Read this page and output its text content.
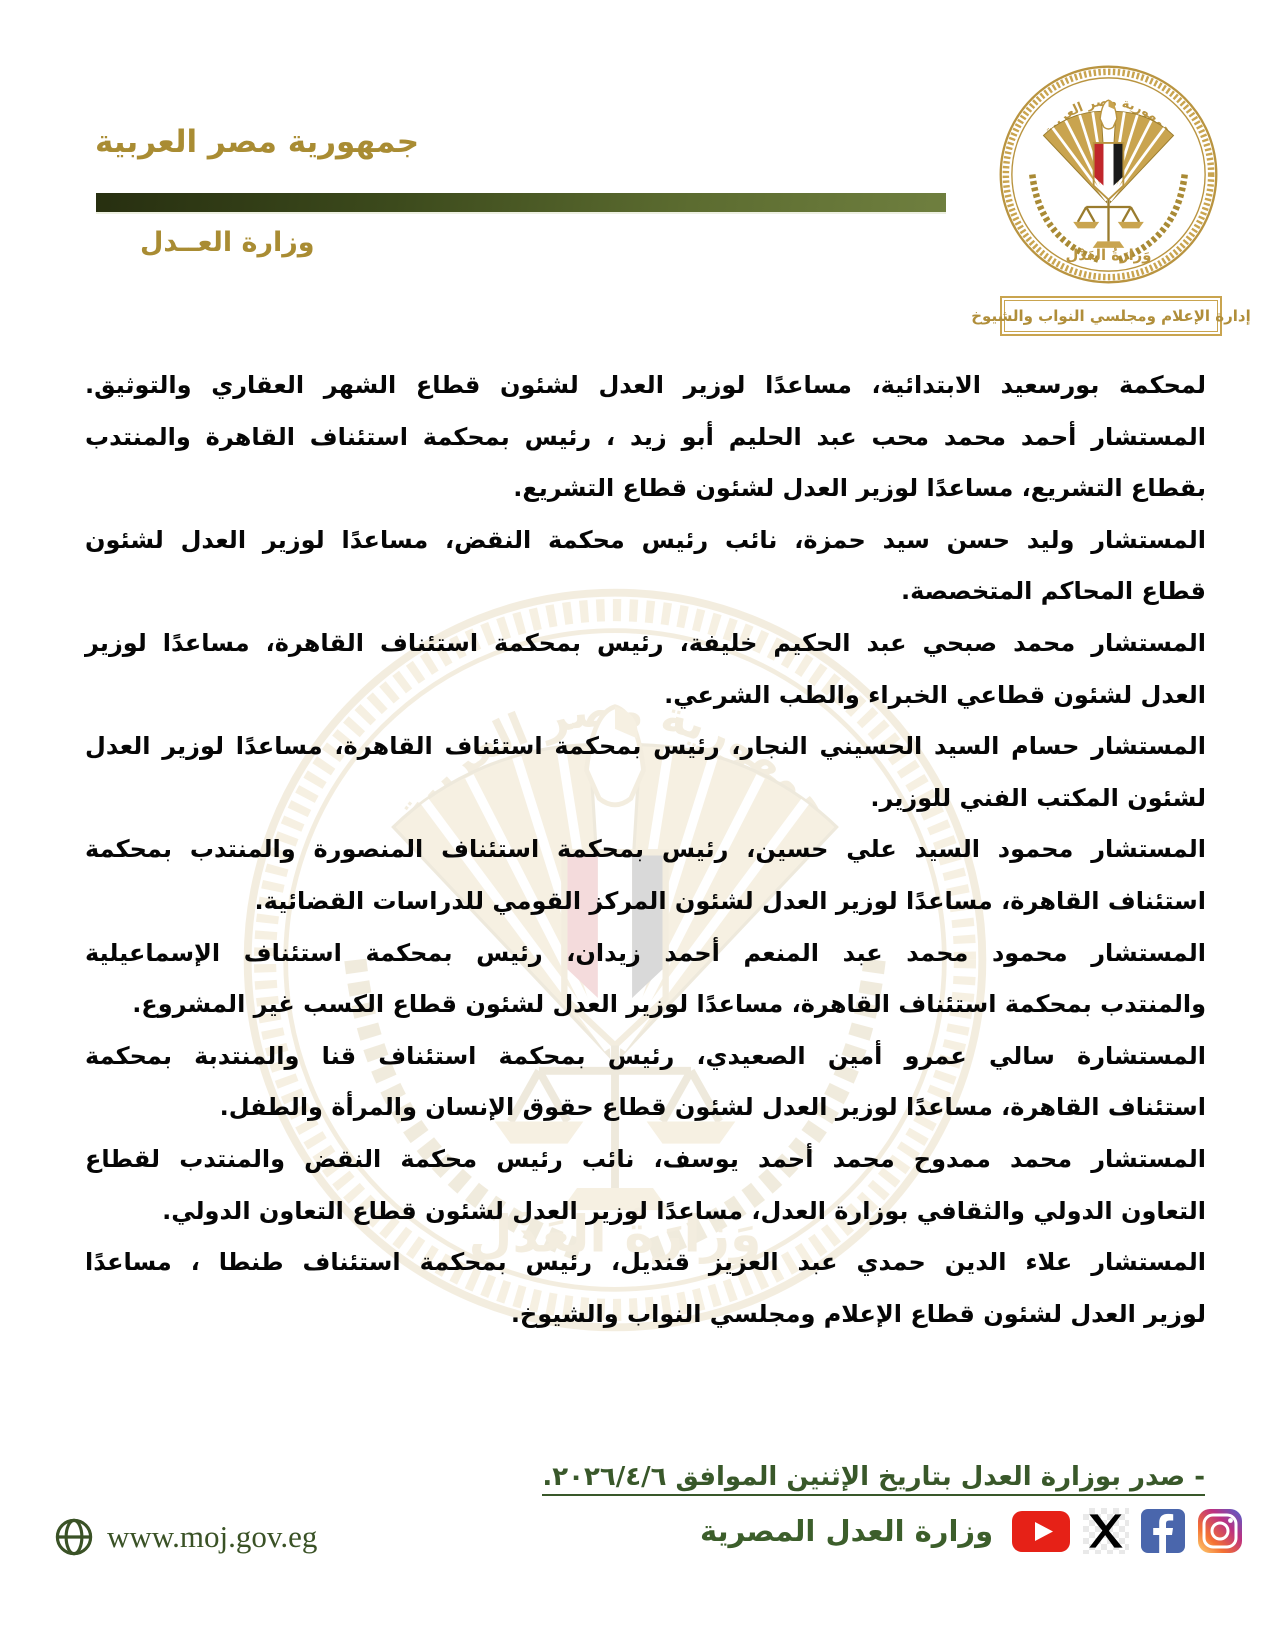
جمهورية مصر العربية
وزارة العــدل
إدارة الإعلام ومجلسي النواب والشيوخ
لمحكمة بورسعيد الابتدائية، مساعدًا لوزير العدل لشئون قطاع الشهر العقاري والتوثيق.
المستشار أحمد محمد محب عبد الحليم أبو زيد ، رئيس بمحكمة استئناف القاهرة والمنتدب
بقطاع التشريع، مساعدًا لوزير العدل لشئون قطاع التشريع.
المستشار وليد حسن سيد حمزة، نائب رئيس محكمة النقض، مساعدًا لوزير العدل لشئون
قطاع المحاكم المتخصصة.
المستشار محمد صبحي عبد الحكيم خليفة، رئيس بمحكمة استئناف القاهرة، مساعدًا لوزير
العدل لشئون قطاعي الخبراء والطب الشرعي.
المستشار حسام السيد الحسيني النجار، رئيس بمحكمة استئناف القاهرة، مساعدًا لوزير العدل
لشئون المكتب الفني للوزير.
المستشار محمود السيد علي حسين، رئيس بمحكمة استئناف المنصورة والمنتدب بمحكمة
استئناف القاهرة، مساعدًا لوزير العدل لشئون المركز القومي للدراسات القضائية.
المستشار محمود محمد عبد المنعم أحمد زيدان، رئيس بمحكمة استئناف الإسماعيلية
والمنتدب بمحكمة استئناف القاهرة، مساعدًا لوزير العدل لشئون قطاع الكسب غير المشروع.
المستشارة سالي عمرو أمين الصعيدي، رئيس بمحكمة استئناف قنا والمنتدبة بمحكمة
استئناف القاهرة، مساعدًا لوزير العدل لشئون قطاع حقوق الإنسان والمرأة والطفل.
المستشار محمد ممدوح محمد أحمد يوسف، نائب رئيس محكمة النقض والمنتدب لقطاع
التعاون الدولي والثقافي بوزارة العدل، مساعدًا لوزير العدل لشئون قطاع التعاون الدولي.
المستشار علاء الدين حمدي عبد العزيز قنديل، رئيس بمحكمة استئناف طنطا ، مساعدًا
لوزير العدل لشئون قطاع الإعلام ومجلسي النواب والشيوخ.
- صدر بوزارة العدل بتاريخ الإثنين الموافق ٢٠٢٦/٤/٦.
www.moj.gov.eg	وزارة العدل المصرية
